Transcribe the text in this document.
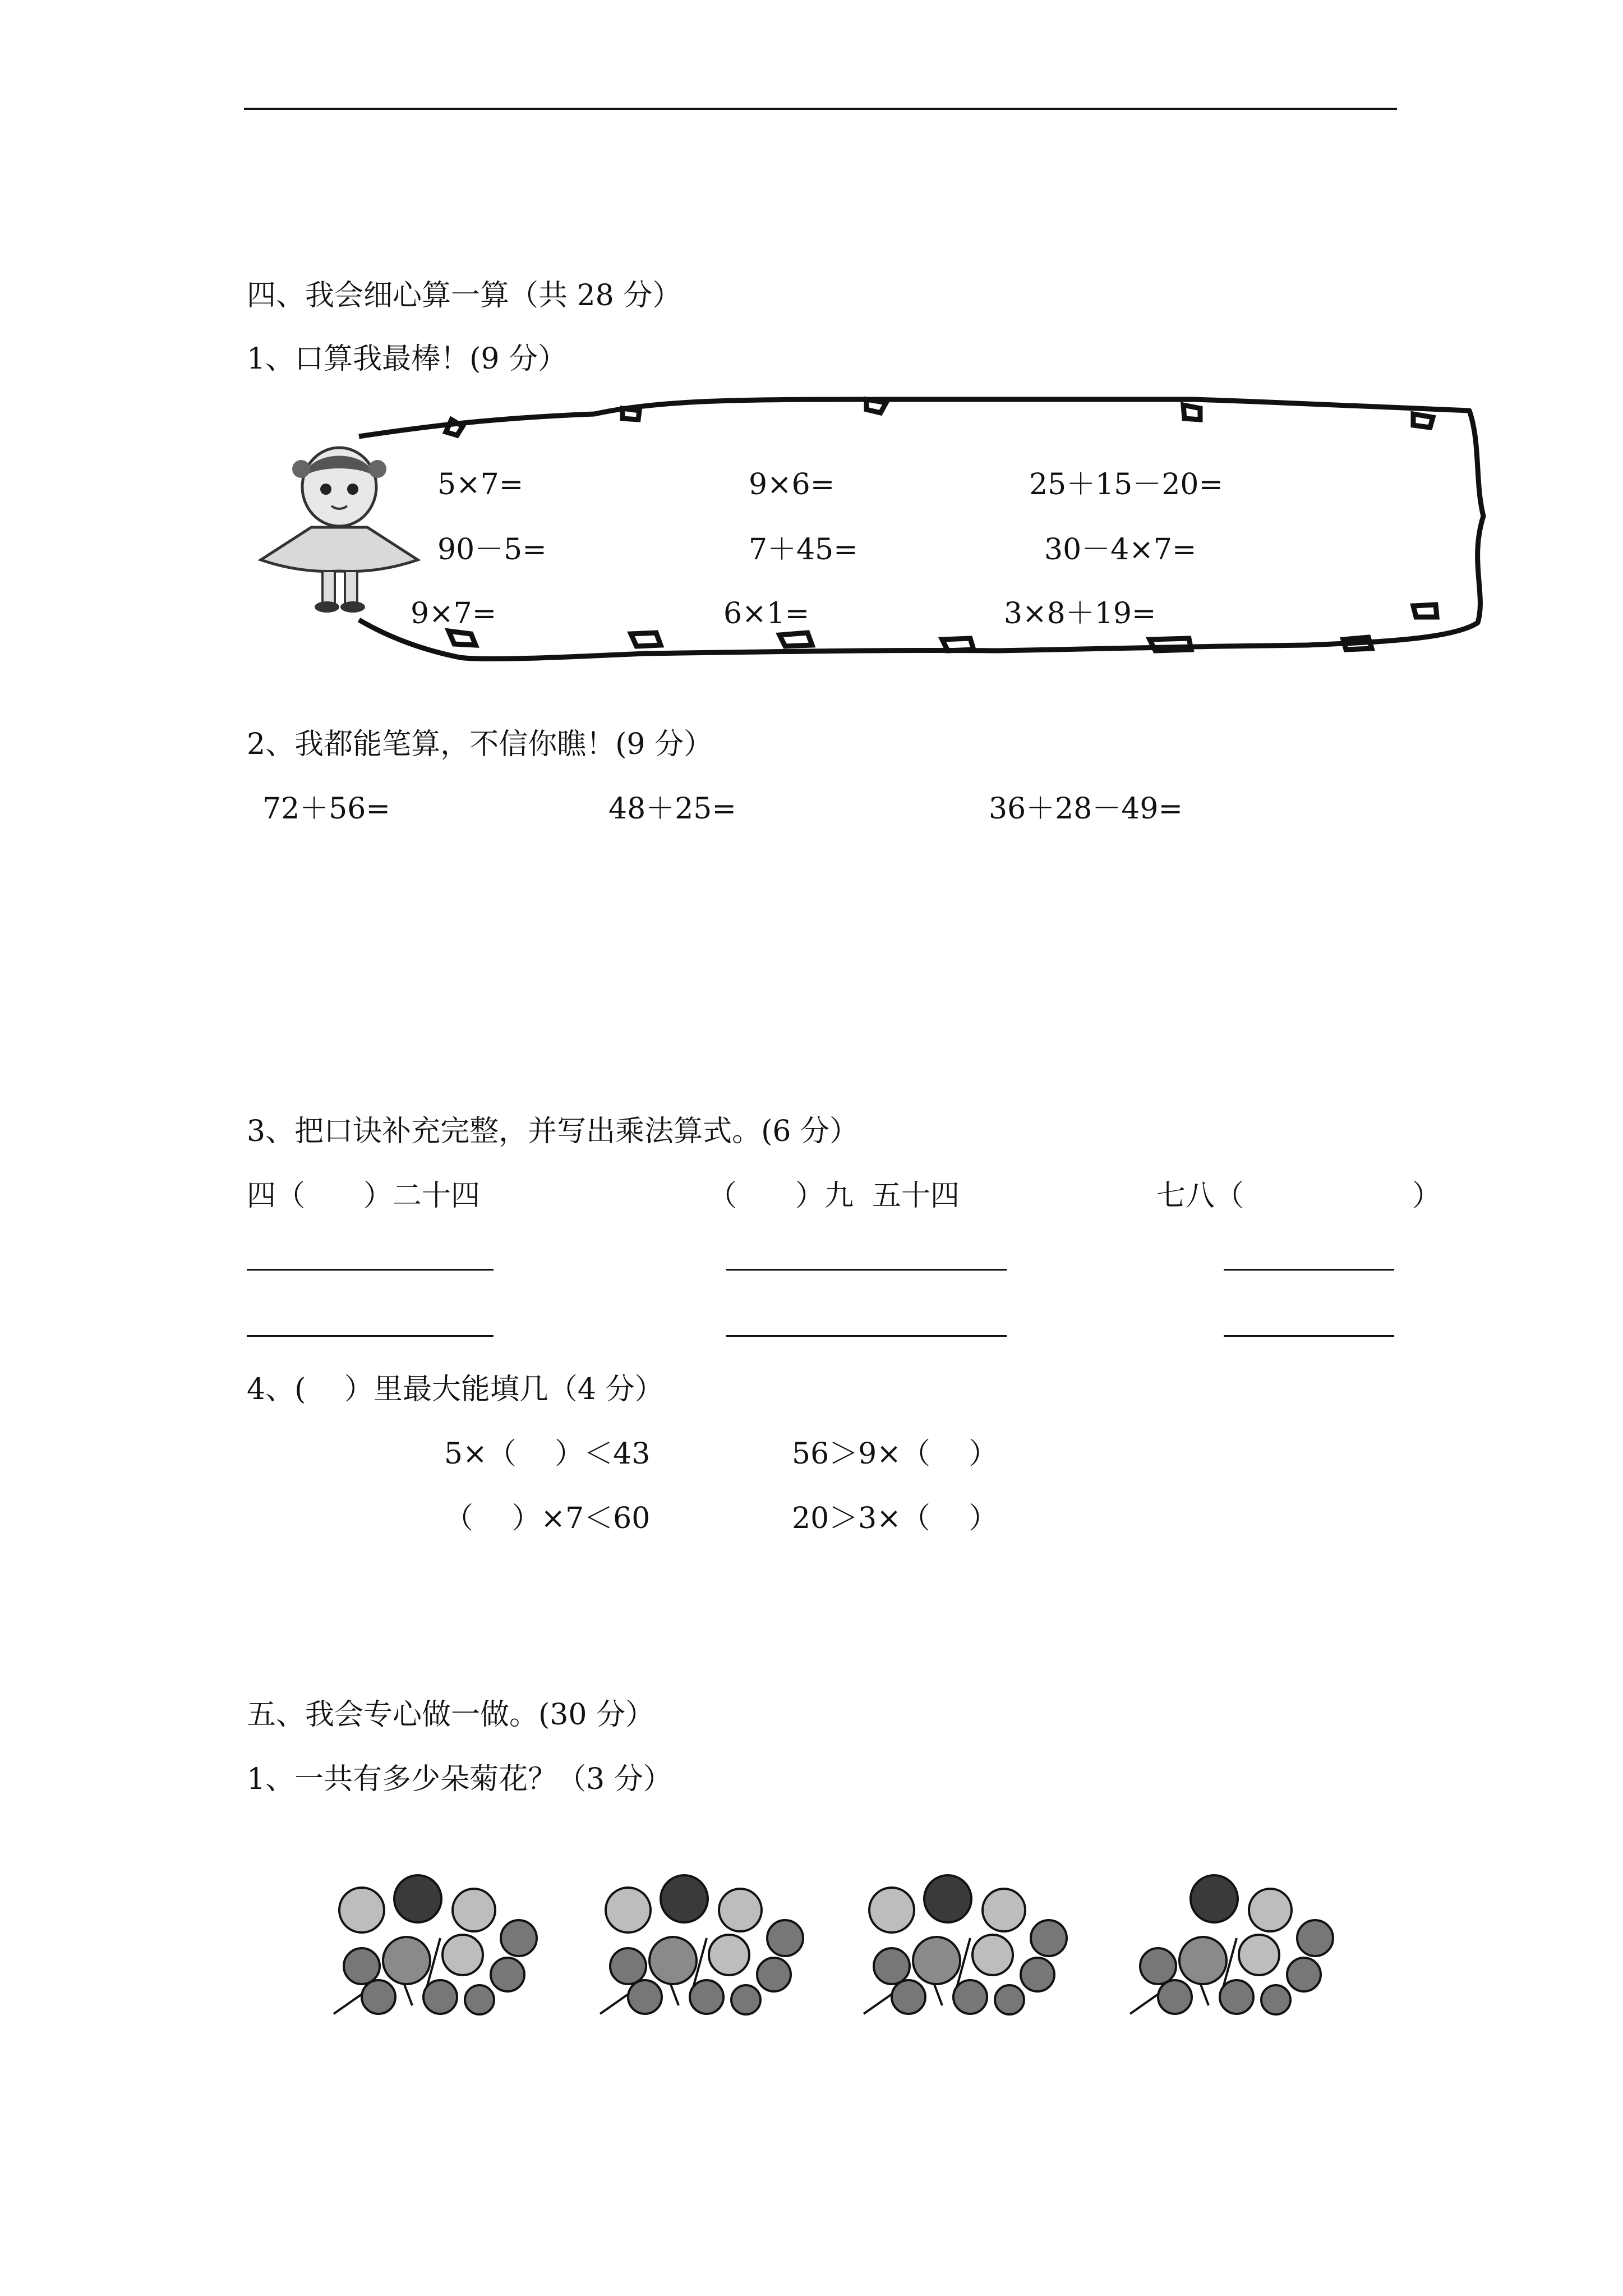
四、我会细心算一算（共 28 分）
1、口算我最棒！(9 分）
5×7=	9×6=	25＋15－20=
90－5=	7＋45=	30－4×7=
9×7=	6×1=	3×8＋19=
2、我都能笔算，不信你瞧！(9 分）
72＋56=	48＋25=	36＋28－49=
3、把口诀补充完整，并写出乘法算式。(6 分）
四（　　）二十四	（　　）九  五十四	七八（	）
4、(　 ）里最大能填几（4 分）
5×（　 ）＜43	56＞9×（　 ）
（　 ）×7＜60	20＞3×（　 ）
五、我会专心做一做。(30 分）
1、一共有多少朵菊花？（3 分）
